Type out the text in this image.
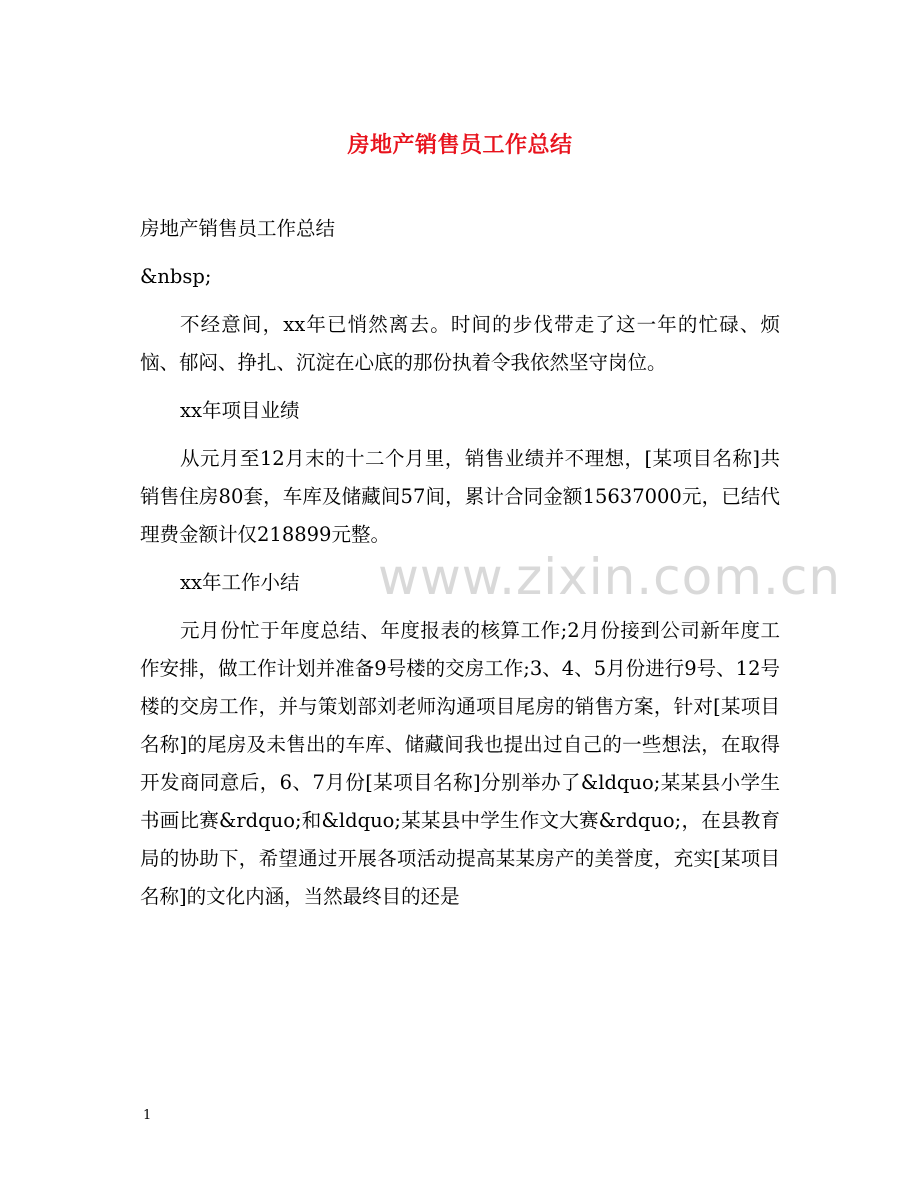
房地产销售员工作总结

房地产销售员工作总结

&nbsp;

不经意间，xx年已悄然离去。时间的步伐带走了这一年的忙碌、烦恼、郁闷、挣扎、沉淀在心底的那份执着令我依然坚守岗位。

xx年项目业绩

从元月至12月末的十二个月里，销售业绩并不理想，[某项目名称]共销售住房80套，车库及储藏间57间，累计合同金额15637000元，已结代理费金额计仅218899元整。

xx年工作小结

元月份忙于年度总结、年度报表的核算工作;2月份接到公司新年度工作安排，做工作计划并准备9号楼的交房工作;3、4、5月份进行9号、12号楼的交房工作，并与策划部刘老师沟通项目尾房的销售方案，针对[某项目名称]的尾房及未售出的车库、储藏间我也提出过自己的一些想法，在取得开发商同意后，6、7月份[某项目名称]分别举办了&ldquo;某某县小学生书画比赛&rdquo;和&ldquo;某某县中学生作文大赛&rdquo;，在县教育局的协助下，希望通过开展各项活动提高某某房产的美誉度，充实[某项目名称]的文化内涵，当然最终目的还是

www.zixin.com.cn
1
